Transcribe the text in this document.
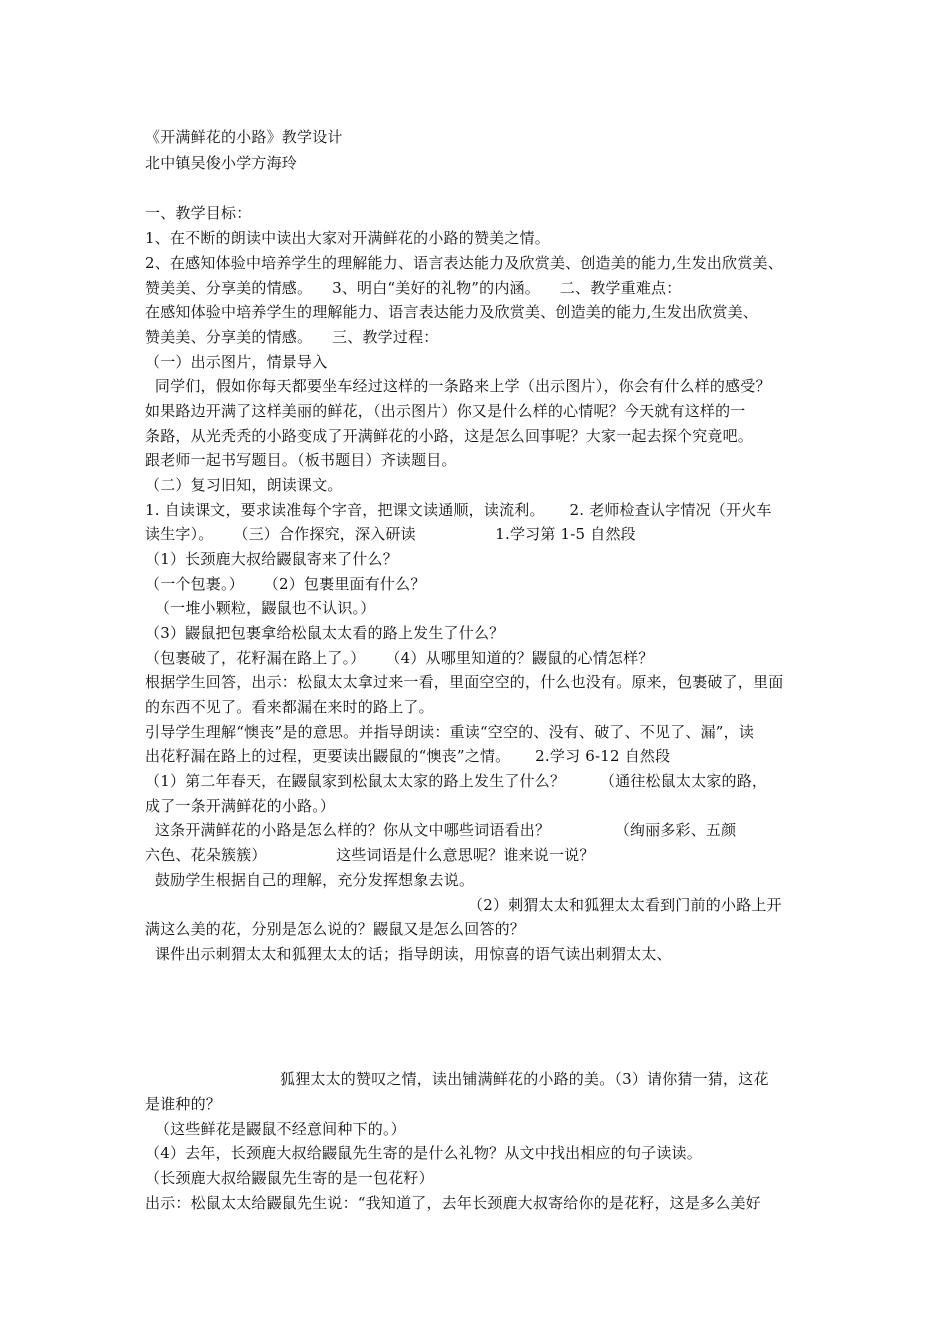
《开满鲜花的小路》教学设计
北中镇吴俊小学方海玲
一、教学目标：
1、在不断的朗读中读出大家对开满鲜花的小路的赞美之情。
2、在感知体验中培养学生的理解能力、语言表达能力及欣赏美、创造美的能力,生发出欣赏美、
赞美美、分享美的情感。    3、明白“美好的礼物”的内涵。    二、教学重难点：
在感知体验中培养学生的理解能力、语言表达能力及欣赏美、创造美的能力,生发出欣赏美、
赞美美、分享美的情感。    三、教学过程：
（一）出示图片，情景导入
同学们，假如你每天都要坐车经过这样的一条路来上学（出示图片），你会有什么样的感受？
如果路边开满了这样美丽的鲜花，（出示图片）你又是什么样的心情呢？今天就有这样的一
条路，从光秃秃的小路变成了开满鲜花的小路，这是怎么回事呢？大家一起去探个究竟吧。
跟老师一起书写题目。（板书题目）齐读题目。
（二）复习旧知，朗读课文。
1. 自读课文，要求读准每个字音，把课文读通顺，读流利。     2. 老师检查认字情况（开火车
读生字）。    （三）合作探究，深入研读                1.学习第 1-5 自然段
（1）长颈鹿大叔给鼹鼠寄来了什么？
（一个包裹。）    （2）包裹里面有什么？
（一堆小颗粒，鼹鼠也不认识。）
（3）鼹鼠把包裹拿给松鼠太太看的路上发生了什么？
（包裹破了，花籽漏在路上了。）    （4）从哪里知道的？鼹鼠的心情怎样？
根据学生回答，出示：松鼠太太拿过来一看，里面空空的，什么也没有。原来，包裹破了，里面
的东西不见了。看来都漏在来时的路上了。
引导学生理解“懊丧”是的意思。并指导朗读：重读“空空的、没有、破了、不见了、漏”，读
出花籽漏在路上的过程，更要读出鼹鼠的“懊丧”之情。     2.学习 6-12 自然段
（1）第二年春天，在鼹鼠家到松鼠太太家的路上发生了什么？       （通往松鼠太太家的路，
成了一条开满鲜花的小路。）
这条开满鲜花的小路是怎么样的？你从文中哪些词语看出？             （绚丽多彩、五颜
六色、花朵簇簇）              这些词语是什么意思呢？谁来说一说？
鼓励学生根据自己的理解，充分发挥想象去说。
（2）刺猬太太和狐狸太太看到门前的小路上开
满这么美的花，分别是怎么说的？鼹鼠又是怎么回答的？
课件出示刺猬太太和狐狸太太的话；指导朗读，用惊喜的语气读出刺猬太太、
狐狸太太的赞叹之情，读出铺满鲜花的小路的美。（3）请你猜一猜，这花
是谁种的？
（这些鲜花是鼹鼠不经意间种下的。）
（4）去年，长颈鹿大叔给鼹鼠先生寄的是什么礼物？从文中找出相应的句子读读。
（长颈鹿大叔给鼹鼠先生寄的是一包花籽）
出示：松鼠太太给鼹鼠先生说：“我知道了，去年长颈鹿大叔寄给你的是花籽，这是多么美好
